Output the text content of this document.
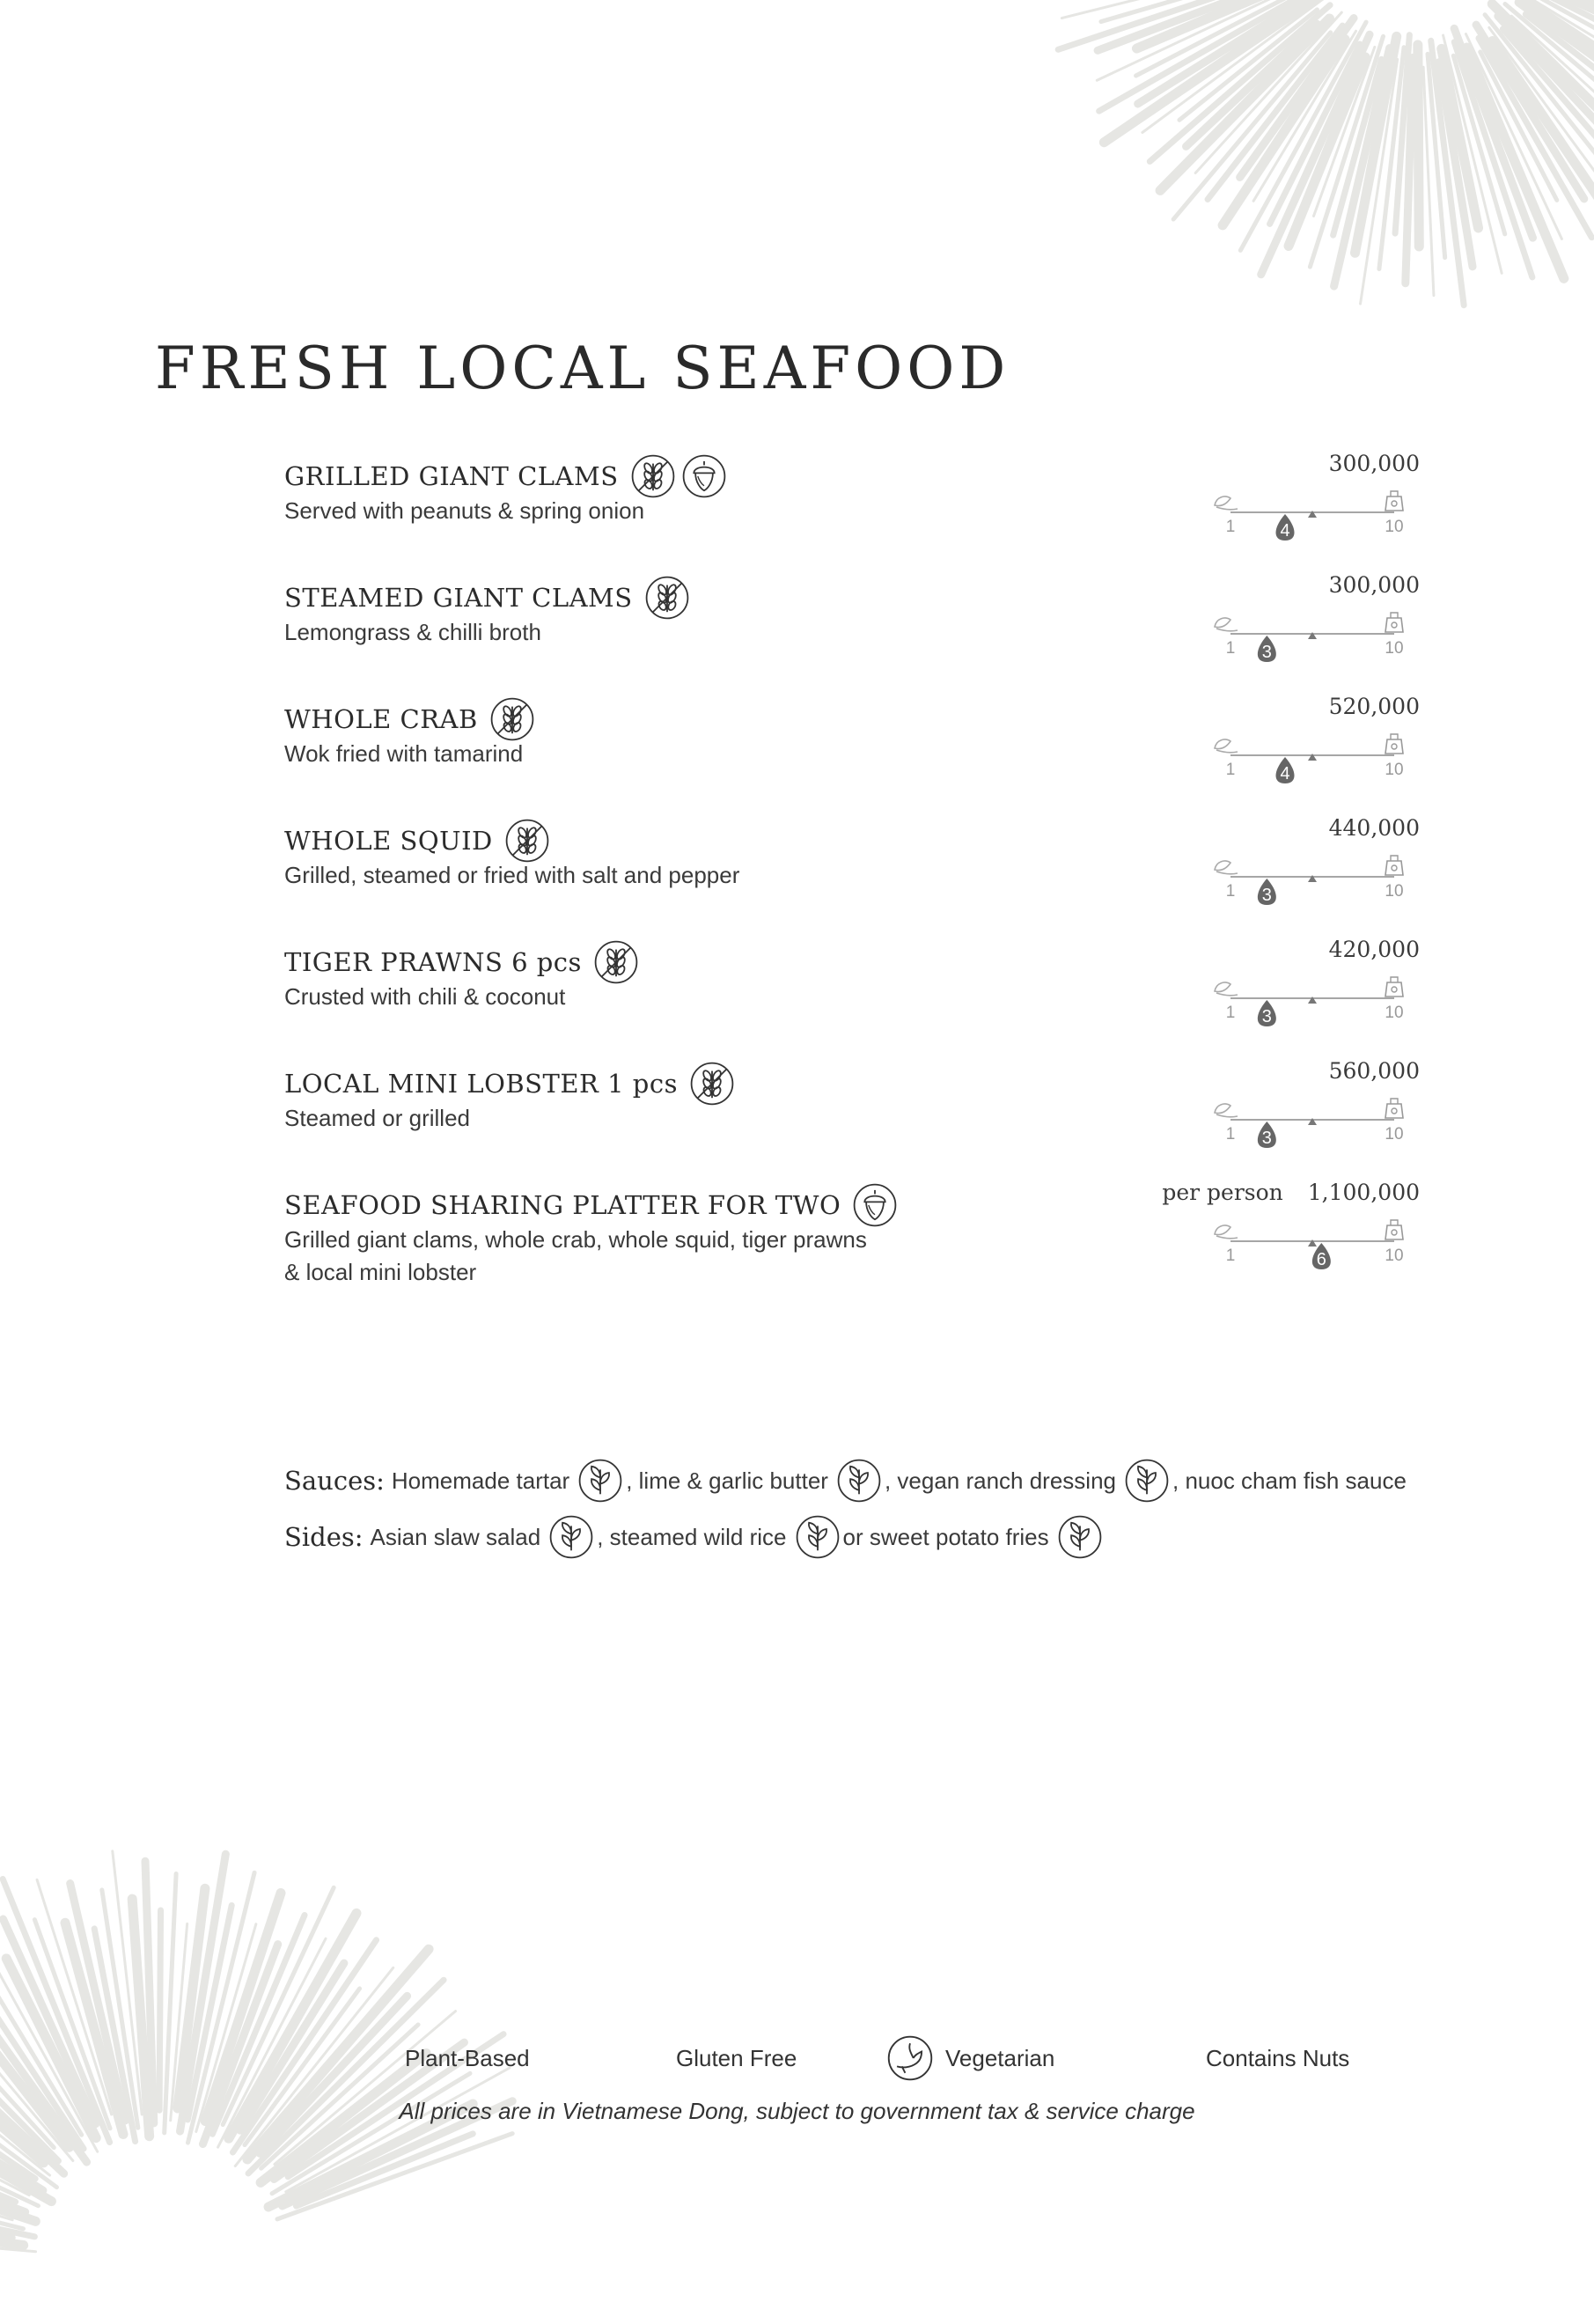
FRESH LOCAL SEAFOOD
GRILLED GIANT CLAMS
Served with peanuts & spring onion
300,000
1	10
4
STEAMED GIANT CLAMS
Lemongrass & chilli broth
300,000
1	10
3
WHOLE CRAB
Wok fried with tamarind
520,000
1	10
4
WHOLE SQUID
Grilled, steamed or fried with salt and pepper
440,000
1	10
3
TIGER PRAWNS 6 pcs
Crusted with chili & coconut
420,000
1	10
3
LOCAL MINI LOBSTER 1 pcs
Steamed or grilled
560,000
1	10
3
SEAFOOD SHARING PLATTER FOR TWO
Grilled giant clams, whole crab, whole squid, tiger prawns
& local mini lobster
per person 1,100,000
1	10
6
Sauces: Homemade tartar , lime & garlic butter , vegan ranch dressing , nuoc cham fish sauce
Sides: Asian slaw salad , steamed wild rice or sweet potato fries
Plant-Based	Gluten Free	Vegetarian	Contains Nuts
All prices are in Vietnamese Dong, subject to government tax & service charge
